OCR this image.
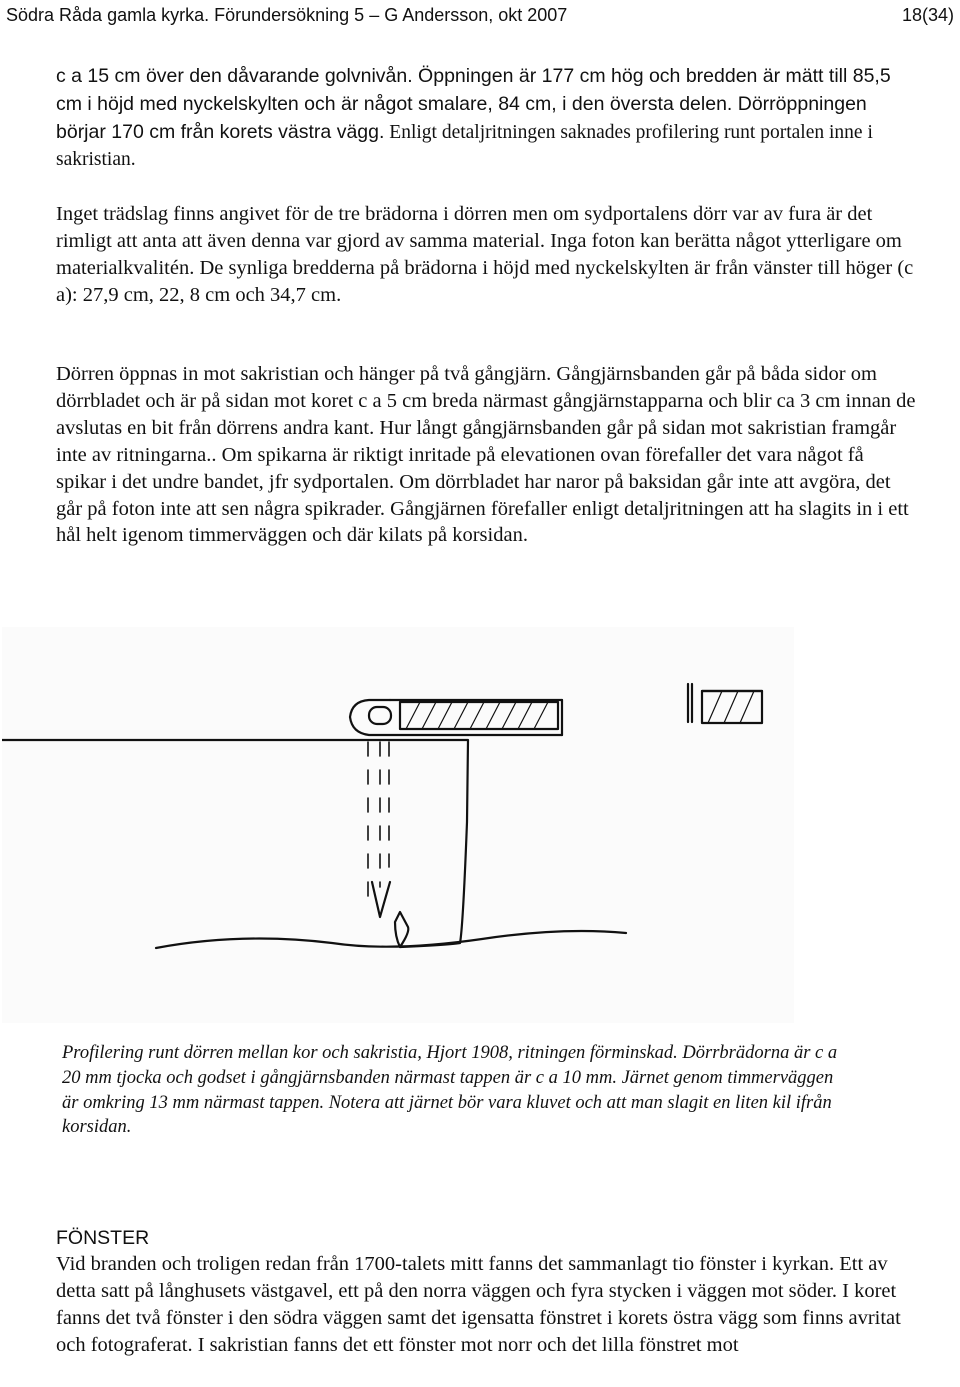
Södra Råda gamla kyrka. Förundersökning 5 – G Andersson, okt 2007	18(34)

c a 15 cm över den dåvarande golvnivån. Öppningen är 177 cm hög och bredden är mätt till 85,5 cm i höjd med nyckelskylten och är något smalare, 84 cm, i den översta delen. Dörröppningen börjar 170 cm från korets västra vägg. Enligt detaljritningen saknades profilering runt portalen inne i sakristian.

Inget trädslag finns angivet för de tre brädorna i dörren men om sydportalens dörr var av fura är det rimligt att anta att även denna var gjord av samma material. Inga foton kan berätta något ytterligare om materialkvalitén. De synliga bredderna på brädorna i höjd med nyckelskylten är från vänster till höger (c a): 27,9 cm, 22, 8 cm och 34,7 cm.

Dörren öppnas in mot sakristian och hänger på två gångjärn. Gångjärnsbanden går på båda sidor om dörrbladet och är på sidan mot koret c a 5 cm breda närmast gångjärnstapparna och blir ca 3 cm innan de avslutas en bit från dörrens andra kant. Hur långt gångjärnsbanden går på sidan mot sakristian framgår inte av ritningarna.. Om spikarna är riktigt inritade på elevationen ovan förefaller det vara något få spikar i det undre bandet, jfr sydportalen. Om dörrbladet har naror på baksidan går inte att avgöra, det går på foton inte att sen några spikrader. Gångjärnen förefaller enligt detaljritningen att ha slagits in i ett hål helt igenom timmerväggen och där kilats på korsidan.

Profilering runt dörren mellan kor och sakristia, Hjort 1908, ritningen förminskad. Dörrbrädorna är c a 20 mm tjocka och godset i gångjärnsbanden närmast tappen är c a 10 mm. Järnet genom timmerväggen är omkring 13 mm närmast tappen. Notera att järnet bör vara kluvet och att man slagit en liten kil ifrån korsidan.

FÖNSTER

Vid branden och troligen redan från 1700-talets mitt fanns det sammanlagt tio fönster i kyrkan. Ett av detta satt på långhusets västgavel, ett på den norra väggen och fyra stycken i väggen mot söder. I koret fanns det två fönster i den södra väggen samt det igensatta fönstret i korets östra vägg som finns avritat och fotograferat. I sakristian fanns det ett fönster mot norr och det lilla fönstret mot
